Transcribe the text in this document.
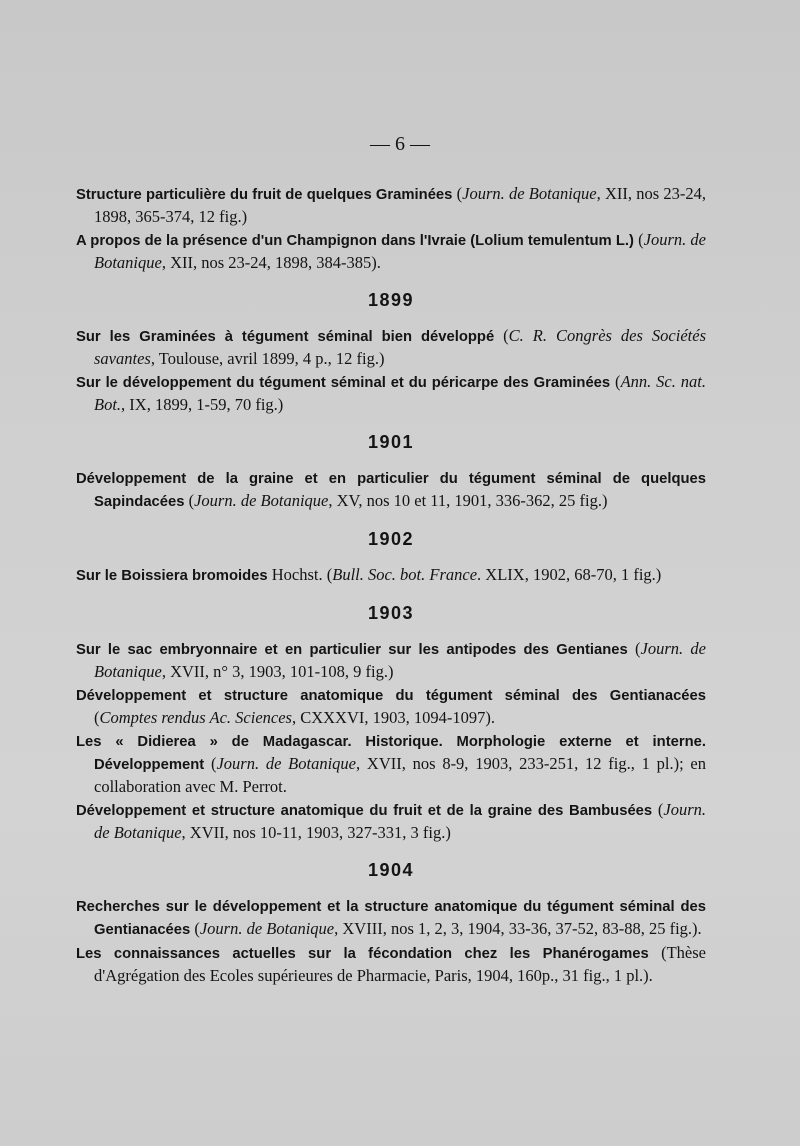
— 6 —

Structure particulière du fruit de quelques Graminées (Journ. de Botanique, XII, nos 23-24, 1898, 365-374, 12 fig.)

A propos de la présence d'un Champignon dans l'Ivraie (Lolium temulentum L.) (Journ. de Botanique, XII, nos 23-24, 1898, 384-385).

1899

Sur les Graminées à tégument séminal bien développé (C. R. Congrès des Sociétés savantes, Toulouse, avril 1899, 4 p., 12 fig.)

Sur le développement du tégument séminal et du péricarpe des Graminées (Ann. Sc. nat. Bot., IX, 1899, 1-59, 70 fig.)

1901

Développement de la graine et en particulier du tégument séminal de quelques Sapindacées (Journ. de Botanique, XV, nos 10 et 11, 1901, 336-362, 25 fig.)

1902

Sur le Boissiera bromoides Hochst. (Bull. Soc. bot. France. XLIX, 1902, 68-70, 1 fig.)

1903

Sur le sac embryonnaire et en particulier sur les antipodes des Gentianes (Journ. de Botanique, XVII, n° 3, 1903, 101-108, 9 fig.)

Développement et structure anatomique du tégument séminal des Gentianacées (Comptes rendus Ac. Sciences, CXXXVI, 1903, 1094-1097).

Les « Didierea » de Madagascar. Historique. Morphologie externe et interne. Développement (Journ. de Botanique, XVII, nos 8-9, 1903, 233-251, 12 fig., 1 pl.); en collaboration avec M. Perrot.

Développement et structure anatomique du fruit et de la graine des Bambusées (Journ. de Botanique, XVII, nos 10-11, 1903, 327-331, 3 fig.)

1904

Recherches sur le développement et la structure anatomique du tégument séminal des Gentianacées (Journ. de Botanique, XVIII, nos 1, 2, 3, 1904, 33-36, 37-52, 83-88, 25 fig.).

Les connaissances actuelles sur la fécondation chez les Phanérogames (Thèse d'Agrégation des Ecoles supérieures de Pharmacie, Paris, 1904, 160p., 31 fig., 1 pl.).
